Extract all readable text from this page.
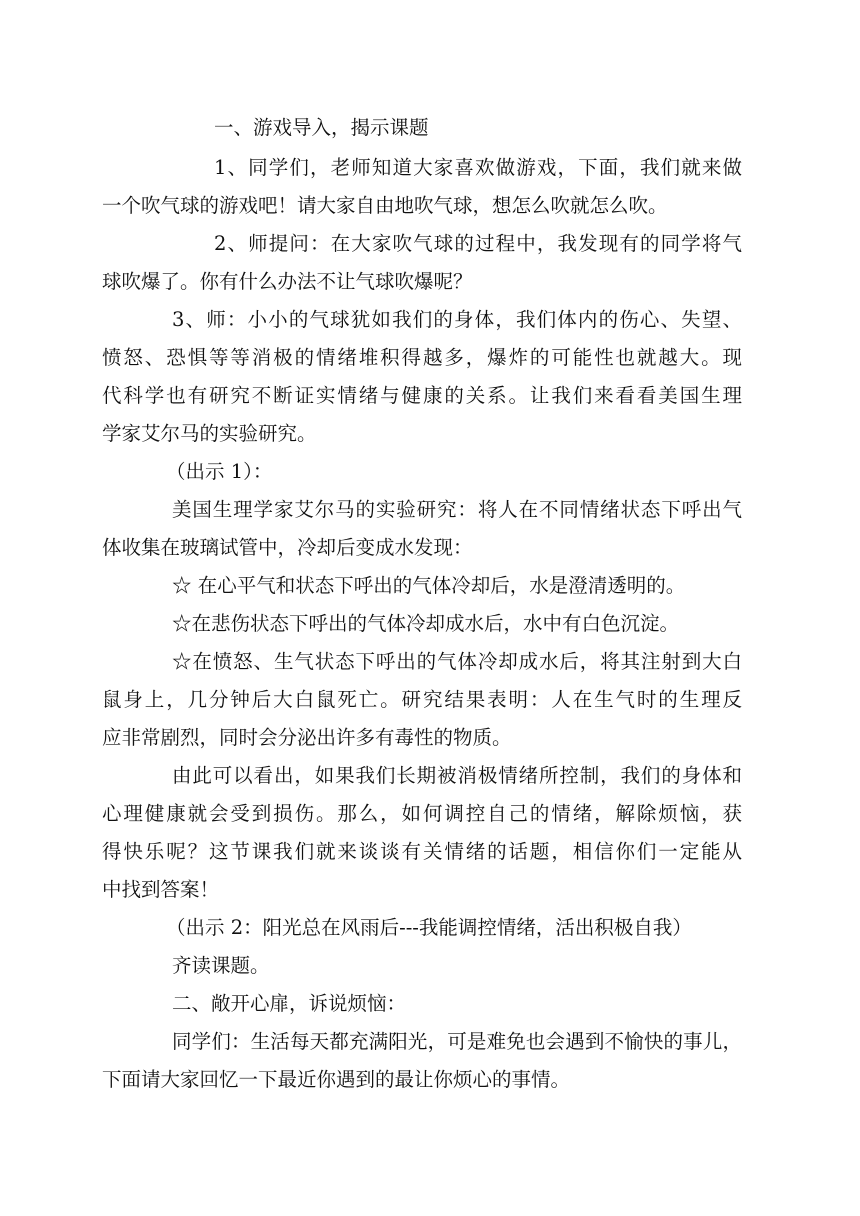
一、游戏导入，揭示课题
1、同学们，老师知道大家喜欢做游戏，下面，我们就来做
一个吹气球的游戏吧！请大家自由地吹气球，想怎么吹就怎么吹。
2、师提问：在大家吹气球的过程中，我发现有的同学将气
球吹爆了。你有什么办法不让气球吹爆呢？
3、师：小小的气球犹如我们的身体，我们体内的伤心、失望、
愤怒、恐惧等等消极的情绪堆积得越多，爆炸的可能性也就越大。现
代科学也有研究不断证实情绪与健康的关系。让我们来看看美国生理
学家艾尔马的实验研究。
（出示 1）：
美国生理学家艾尔马的实验研究：将人在不同情绪状态下呼出气
体收集在玻璃试管中，冷却后变成水发现：
☆ 在心平气和状态下呼出的气体冷却后，水是澄清透明的。
☆在悲伤状态下呼出的气体冷却成水后，水中有白色沉淀。
☆在愤怒、生气状态下呼出的气体冷却成水后，将其注射到大白
鼠身上，几分钟后大白鼠死亡。研究结果表明：人在生气时的生理反
应非常剧烈，同时会分泌出许多有毒性的物质。
由此可以看出，如果我们长期被消极情绪所控制，我们的身体和
心理健康就会受到损伤。那么，如何调控自己的情绪，解除烦恼，获
得快乐呢？这节课我们就来谈谈有关情绪的话题，相信你们一定能从
中找到答案！
（出示 2：阳光总在风雨后---我能调控情绪，活出积极自我）
齐读课题。
二、敞开心扉，诉说烦恼：
同学们：生活每天都充满阳光，可是难免也会遇到不愉快的事儿，
下面请大家回忆一下最近你遇到的最让你烦心的事情。
